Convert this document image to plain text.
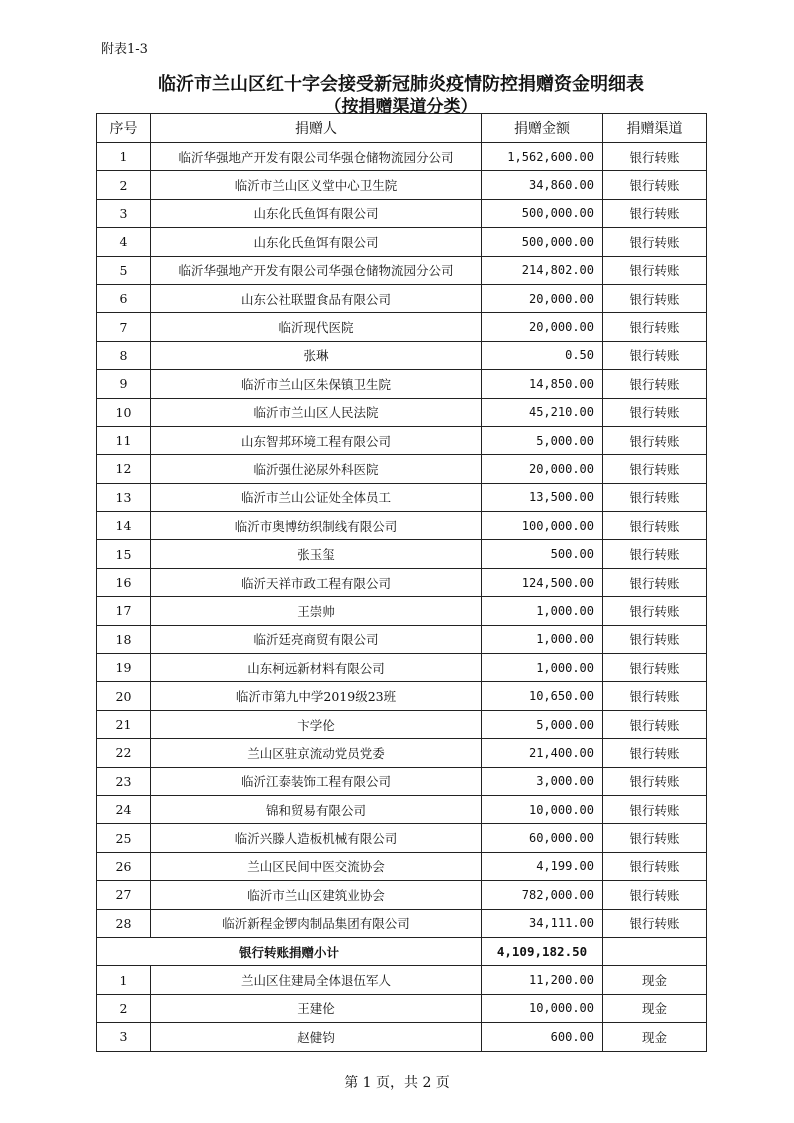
附表1-3
临沂市兰山区红十字会接受新冠肺炎疫情防控捐赠资金明细表
（按捐赠渠道分类）
序号	捐赠人	捐赠金额	捐赠渠道
1	临沂华强地产开发有限公司华强仓储物流园分公司	1,562,600.00	银行转账
2	临沂市兰山区义堂中心卫生院	34,860.00	银行转账
3	山东化氏鱼饵有限公司	500,000.00	银行转账
4	山东化氏鱼饵有限公司	500,000.00	银行转账
5	临沂华强地产开发有限公司华强仓储物流园分公司	214,802.00	银行转账
6	山东公社联盟食品有限公司	20,000.00	银行转账
7	临沂现代医院	20,000.00	银行转账
8	张琳	0.50	银行转账
9	临沂市兰山区朱保镇卫生院	14,850.00	银行转账
10	临沂市兰山区人民法院	45,210.00	银行转账
11	山东智邦环境工程有限公司	5,000.00	银行转账
12	临沂强仕泌尿外科医院	20,000.00	银行转账
13	临沂市兰山公证处全体员工	13,500.00	银行转账
14	临沂市奥博纺织制线有限公司	100,000.00	银行转账
15	张玉玺	500.00	银行转账
16	临沂天祥市政工程有限公司	124,500.00	银行转账
17	王崇帅	1,000.00	银行转账
18	临沂廷亮商贸有限公司	1,000.00	银行转账
19	山东柯远新材料有限公司	1,000.00	银行转账
20	临沂市第九中学2019级23班	10,650.00	银行转账
21	卞学伦	5,000.00	银行转账
22	兰山区驻京流动党员党委	21,400.00	银行转账
23	临沂江泰装饰工程有限公司	3,000.00	银行转账
24	锦和贸易有限公司	10,000.00	银行转账
25	临沂兴滕人造板机械有限公司	60,000.00	银行转账
26	兰山区民间中医交流协会	4,199.00	银行转账
27	临沂市兰山区建筑业协会	782,000.00	银行转账
28	临沂新程金锣肉制品集团有限公司	34,111.00	银行转账
银行转账捐赠小计		4,109,182.50	
1	兰山区住建局全体退伍军人	11,200.00	现金
2	王建伦	10,000.00	现金
3	赵健钧	600.00	现金
第 1 页，共 2 页
